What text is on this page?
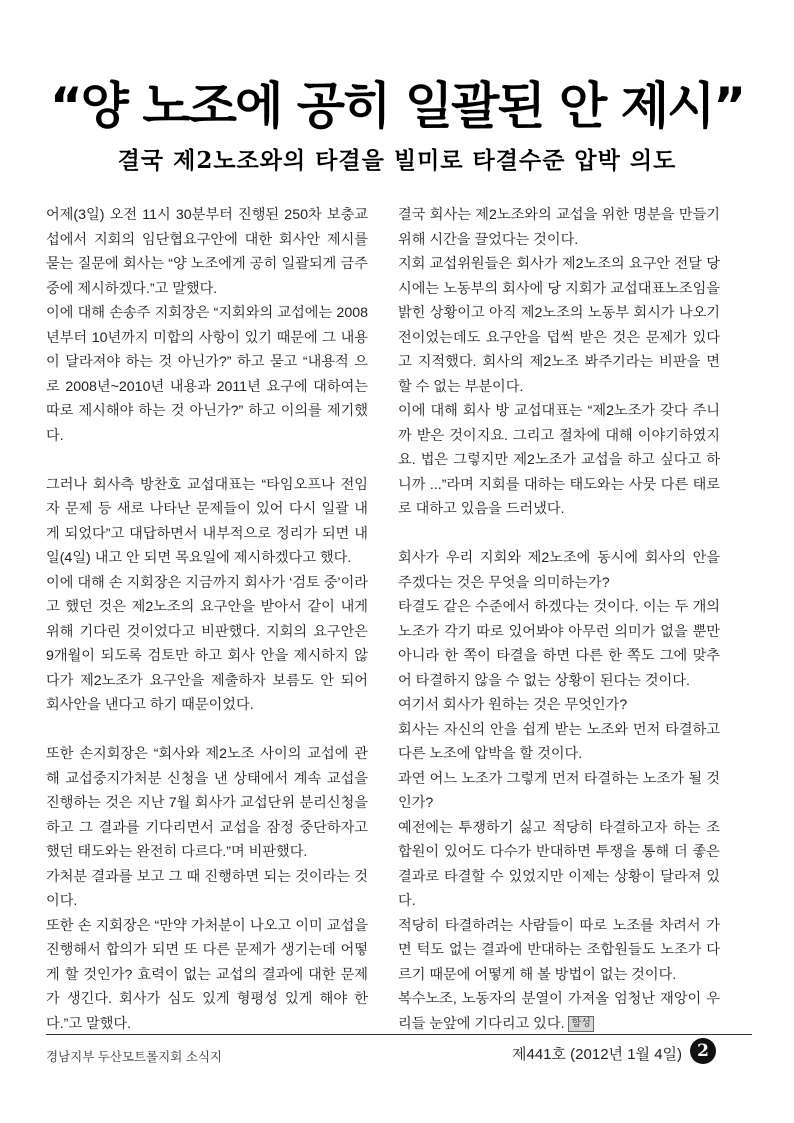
“양 노조에 공히 일괄된 안 제시”
결국 제2노조와의 타결을 빌미로 타결수준 압박 의도

어제(3일) 오전 11시 30분부터 진행된 250차 보충교섭에서 지회의 임단협요구안에 대한 회사안 제시를 묻는 질문에 회사는 “양 노조에게 공히 일괄되게 금주중에 제시하겠다.”고 말했다.

이에 대해 손송주 지회장은 “지회와의 교섭에는 2008년부터 10년까지 미합의 사항이 있기 때문에 그 내용이 달라져야 하는 것 아닌가?” 하고 묻고 “내용적 으로 2008년~2010년 내용과 2011년 요구에 대하여는 따로 제시해야 하는 것 아닌가?” 하고 이의를 제기했다.

그러나 회사측 방찬호 교섭대표는 “타임오프나 전임자 문제 등 새로 나타난 문제들이 있어 다시 일괄 내게 되었다”고 대답하면서 내부적으로 정리가 되면 내일(4일) 내고 안 되면 목요일에 제시하겠다고 했다.

이에 대해 손 지회장은 지금까지 회사가 ‘검토 중’이라고 했던 것은 제2노조의 요구안을 받아서 같이 내게 위해 기다린 것이었다고 비판했다. 지회의 요구안은 9개월이 되도록 검토만 하고 회사 안을 제시하지 않다가 제2노조가 요구안을 제출하자 보름도 안 되어 회사안을 낸다고 하기 때문이었다.

또한 손지회장은 “회사와 제2노조 사이의 교섭에 관해 교섭중지가처분 신청을 낸 상태에서 계속 교섭을 진행하는 것은 지난 7월 회사가 교섭단위 분리신청을 하고 그 결과를 기다리면서 교섭을 잠정 중단하자고 했던 태도와는 완전히 다르다.”며 비판했다.

가처분 결과를 보고 그 때 진행하면 되는 것이라는 것이다.

또한 손 지회장은 “만약 가처분이 나오고 이미 교섭을 진행해서 합의가 되면 또 다른 문제가 생기는데 어떻게 할 것인가? 효력이 없는 교섭의 결과에 대한 문제가 생긴다. 회사가 심도 있게 형평성 있게 해야 한다.”고 말했다.

결국 회사는 제2노조와의 교섭을 위한 명분을 만들기 위해 시간을 끌었다는 것이다.

지회 교섭위원들은 회사가 제2노조의 요구안 전달 당시에는 노동부의 회사에 당 지회가 교섭대표노조임을 밝힌 상황이고 아직 제2노조의 노동부 회시가 나오기 전이었는데도 요구안을 덥썩 받은 것은 문제가 있다고 지적했다. 회사의 제2노조 봐주기라는 비판을 면할 수 없는 부분이다.

이에 대해 회사 방 교섭대표는 “제2노조가 갖다 주니까 받은 것이지요. 그리고 절차에 대해 이야기하였지요. 법은 그렇지만 제2노조가 교섭을 하고 싶다고 하니까 ...”라며 지회를 대하는 태도와는 사뭇 다른 태로로 대하고 있음을 드러냈다.

회사가 우리 지회와 제2노조에 동시에 회사의 안을 주겠다는 것은 무엇을 의미하는가?

타결도 같은 수준에서 하겠다는 것이다. 이는 두 개의 노조가 각기 따로 있어봐야 아무런 의미가 없을 뿐만 아니라 한 쪽이 타결을 하면 다른 한 쪽도 그에 맞추어 타결하지 않을 수 없는 상황이 된다는 것이다.

여기서 회사가 원하는 것은 무엇인가?

회사는 자신의 안을 쉽게 받는 노조와 먼저 타결하고 다른 노조에 압박을 할 것이다.

과연 어느 노조가 그렇게 먼저 타결하는 노조가 될 것인가?

예전에는 투쟁하기 싫고 적당히 타결하고자 하는 조합원이 있어도 다수가 반대하면 투쟁을 통해 더 좋은 결과로 타결할 수 있었지만 이제는 상황이 달라져 있다.

적당히 타결하려는 사람들이 따로 노조를 차려서 가면 턱도 없는 결과에 반대하는 조합원들도 노조가 다르기 때문에 어떻게 해 볼 방법이 없는 것이다.

복수노조, 노동자의 분열이 가져올 엄청난 재앙이 우리들 눈앞에 기다리고 있다. 함성

경남지부 두산모트롤지회 소식지	제441호 (2012년 1월 4일) 2
